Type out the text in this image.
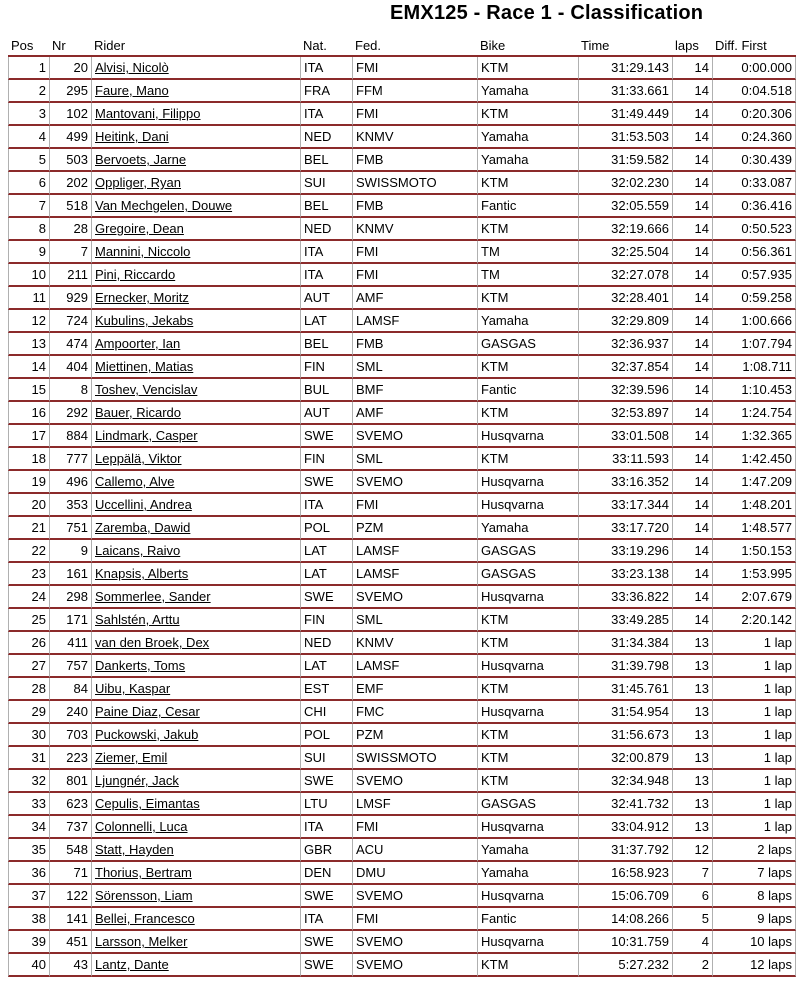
EMX125 - Race 1 - Classification
Pos	Nr	Rider	Nat.	Fed.	Bike	Time	laps	Diff. First
1	20	Alvisi, Nicolò	ITA	FMI	KTM	31:29.143	14	0:00.000
2	295	Faure, Mano	FRA	FFM	Yamaha	31:33.661	14	0:04.518
3	102	Mantovani, Filippo	ITA	FMI	KTM	31:49.449	14	0:20.306
4	499	Heitink, Dani	NED	KNMV	Yamaha	31:53.503	14	0:24.360
5	503	Bervoets, Jarne	BEL	FMB	Yamaha	31:59.582	14	0:30.439
6	202	Oppliger, Ryan	SUI	SWISSMOTO	KTM	32:02.230	14	0:33.087
7	518	Van Mechgelen, Douwe	BEL	FMB	Fantic	32:05.559	14	0:36.416
8	28	Gregoire, Dean	NED	KNMV	KTM	32:19.666	14	0:50.523
9	7	Mannini, Niccolo	ITA	FMI	TM	32:25.504	14	0:56.361
10	211	Pini, Riccardo	ITA	FMI	TM	32:27.078	14	0:57.935
11	929	Ernecker, Moritz	AUT	AMF	KTM	32:28.401	14	0:59.258
12	724	Kubulins, Jekabs	LAT	LAMSF	Yamaha	32:29.809	14	1:00.666
13	474	Ampoorter, Ian	BEL	FMB	GASGAS	32:36.937	14	1:07.794
14	404	Miettinen, Matias	FIN	SML	KTM	32:37.854	14	1:08.711
15	8	Toshev, Vencislav	BUL	BMF	Fantic	32:39.596	14	1:10.453
16	292	Bauer, Ricardo	AUT	AMF	KTM	32:53.897	14	1:24.754
17	884	Lindmark, Casper	SWE	SVEMO	Husqvarna	33:01.508	14	1:32.365
18	777	Leppälä, Viktor	FIN	SML	KTM	33:11.593	14	1:42.450
19	496	Callemo, Alve	SWE	SVEMO	Husqvarna	33:16.352	14	1:47.209
20	353	Uccellini, Andrea	ITA	FMI	Husqvarna	33:17.344	14	1:48.201
21	751	Zaremba, Dawid	POL	PZM	Yamaha	33:17.720	14	1:48.577
22	9	Laicans, Raivo	LAT	LAMSF	GASGAS	33:19.296	14	1:50.153
23	161	Knapsis, Alberts	LAT	LAMSF	GASGAS	33:23.138	14	1:53.995
24	298	Sommerlee, Sander	SWE	SVEMO	Husqvarna	33:36.822	14	2:07.679
25	171	Sahlstén, Arttu	FIN	SML	KTM	33:49.285	14	2:20.142
26	411	van den Broek, Dex	NED	KNMV	KTM	31:34.384	13	1 lap
27	757	Dankerts, Toms	LAT	LAMSF	Husqvarna	31:39.798	13	1 lap
28	84	Uibu, Kaspar	EST	EMF	KTM	31:45.761	13	1 lap
29	240	Paine Diaz, Cesar	CHI	FMC	Husqvarna	31:54.954	13	1 lap
30	703	Puckowski, Jakub	POL	PZM	KTM	31:56.673	13	1 lap
31	223	Ziemer, Emil	SUI	SWISSMOTO	KTM	32:00.879	13	1 lap
32	801	Ljungnér, Jack	SWE	SVEMO	KTM	32:34.948	13	1 lap
33	623	Cepulis, Eimantas	LTU	LMSF	GASGAS	32:41.732	13	1 lap
34	737	Colonnelli, Luca	ITA	FMI	Husqvarna	33:04.912	13	1 lap
35	548	Statt, Hayden	GBR	ACU	Yamaha	31:37.792	12	2 laps
36	71	Thorius, Bertram	DEN	DMU	Yamaha	16:58.923	7	7 laps
37	122	Sörensson, Liam	SWE	SVEMO	Husqvarna	15:06.709	6	8 laps
38	141	Bellei, Francesco	ITA	FMI	Fantic	14:08.266	5	9 laps
39	451	Larsson, Melker	SWE	SVEMO	Husqvarna	10:31.759	4	10 laps
40	43	Lantz, Dante	SWE	SVEMO	KTM	5:27.232	2	12 laps
